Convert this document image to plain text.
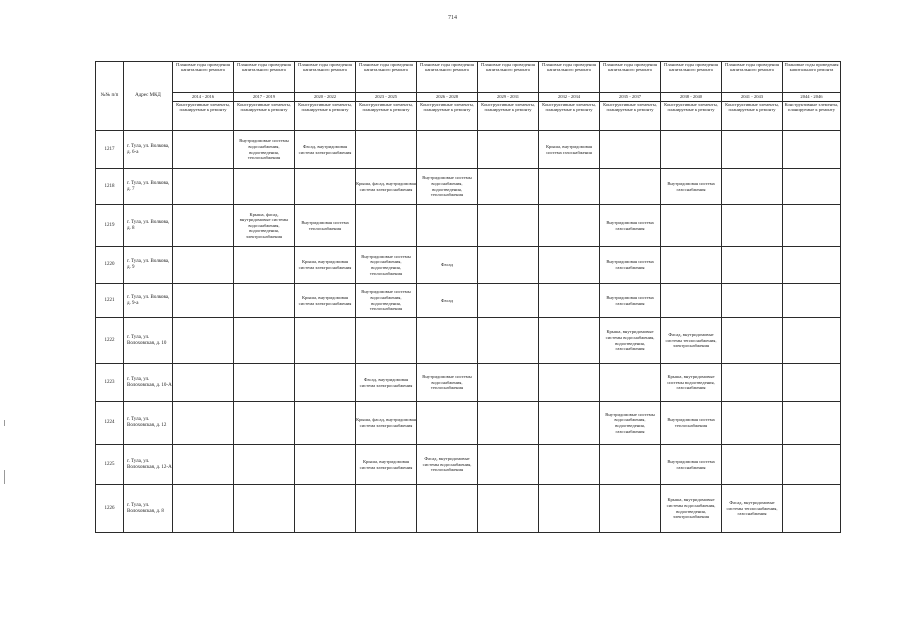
714
№№ п/п	Адрес МКД	Плановые годы проведения капитального ремонта	Плановые годы проведения капитального ремонта	Плановые годы проведения капитального ремонта	Плановые годы проведения капитального ремонта	Плановые годы проведения капитального ремонта	Плановые годы проведения капитального ремонта	Плановые годы проведения капитального ремонта	Плановые годы проведения капитального ремонта	Плановые годы проведения капитального ремонта	Плановые годы проведения капитального ремонта	Плановые годы проведения капитального ремонта
		2014 - 2016	2017 - 2019	2020 - 2022	2023 - 2025	2026 - 2028	2029 - 2031	2032 - 2034	2035 - 2037	2038 - 2040	2041 - 2043	2044 - 2046
		Конструктивные элементы, планируемые к ремонту	Конструктивные элементы, планируемые к ремонту	Конструктивные элементы, планируемые к ремонту	Конструктивные элементы, планируемые к ремонту	Конструктивные элементы, планируемые к ремонту	Конструктивные элементы, планируемые к ремонту	Конструктивные элементы, планируемые к ремонту	Конструктивные элементы, планируемые к ремонту	Конструктивные элементы, планируемые к ремонту	Конструктивные элементы, планируемые к ремонту	Конструктивные элементы, планируемые к ремонту
1217	г. Тула, ул. Волкова, д. 6-а		Внутридомовые системы водоснабжения, водоотведения, теплоснабжения	Фасад, внутридомовая система электроснабжения				Крыша, внутридомовая система газоснабжения				
1218	г. Тула, ул. Волкова, д. 7				Крыша, фасад, внутридомовая система электроснабжения	Внутридомовые системы водоснабжения, водоотведения, теплоснабжения				Внутридомовая система газоснабжения		
1219	г. Тула, ул. Волкова, д. 8		Крыша, фасад, внутридомовые системы водоснабжения, водоотведения, электроснабжения	Внутридомовая система теплоснабжения					Внутридомовая система газоснабжения			
1220	г. Тула, ул. Волкова, д. 9			Крыша, внутридомовая система электроснабжения	Внутридомовые системы водоснабжения, водоотведения, теплоснабжения	Фасад			Внутридомовая система газоснабжения			
1221	г. Тула, ул. Волкова, д. 9-а			Крыша, внутридомовая система электроснабжения	Внутридомовые системы водоснабжения, водоотведения, теплоснабжения	Фасад			Внутридомовая система газоснабжения			
1222	г. Тула, ул. Волоховская, д. 10								Крыша, внутридомовые системы водоснабжения, водоотведения, газоснабжения	Фасад, внутридомовые системы теплоснабжения, электроснабжения		
1223	г. Тула, ул. Волоховская, д. 10-А				Фасад, внутридомовая система электроснабжения	Внутридомовые системы водоснабжения, теплоснабжения				Крыша, внутридомовые системы водоотведения, газоснабжения		
1224	г. Тула, ул. Волоховская, д. 12				Крыша, фасад, внутридомовая система электроснабжения				Внутридомовые системы водоснабжения, водоотведения, газоснабжения	Внутридомовая система теплоснабжения		
1225	г. Тула, ул. Волоховская, д. 12-А				Крыша, внутридомовая система электроснабжения	Фасад, внутридомовые системы водоснабжения, теплоснабжения				Внутридомовая система газоснабжения		
1226	г. Тула, ул. Волоховская, д. 8									Крыша, внутридомовые системы водоснабжения, водоотведения, электроснабжения	Фасад, внутридомовые системы теплоснабжения, газоснабжения	
